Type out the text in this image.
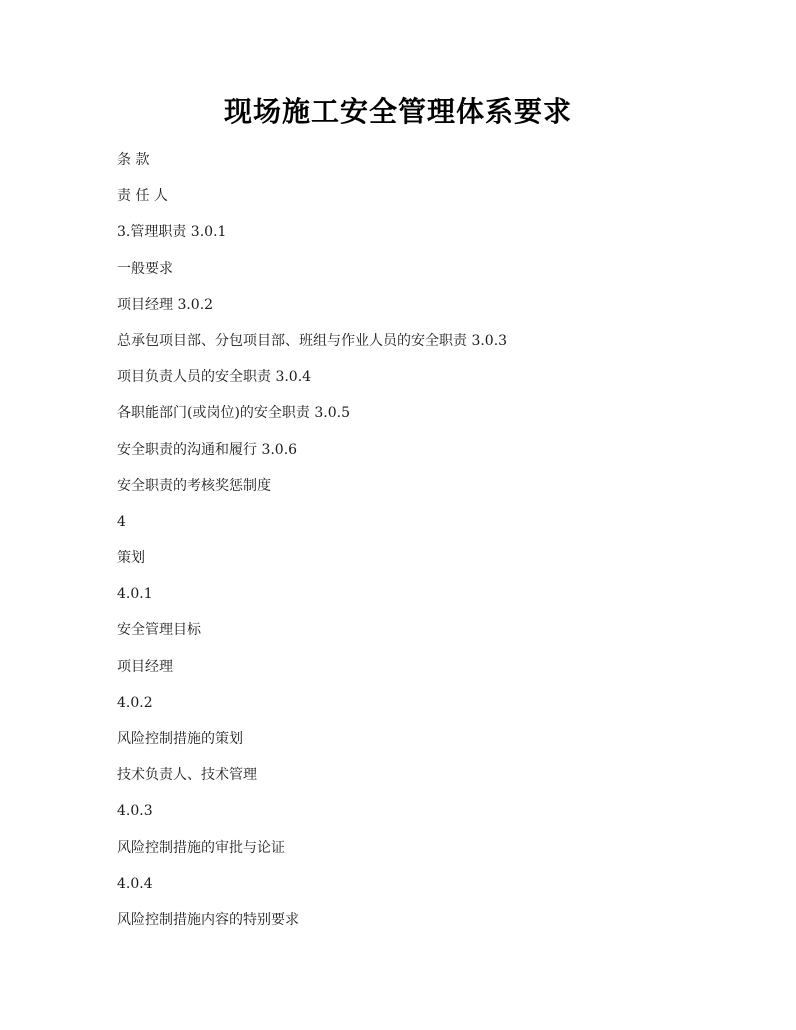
现场施工安全管理体系要求
条 款
责 任 人
3.管理职责 3.0.1
一般要求
项目经理 3.0.2
总承包项目部、分包项目部、班组与作业人员的安全职责 3.0.3
项目负责人员的安全职责 3.0.4
各职能部门(或岗位)的安全职责 3.0.5
安全职责的沟通和履行 3.0.6
安全职责的考核奖惩制度
4
策划
4.0.1
安全管理目标
项目经理
4.0.2
风险控制措施的策划
技术负责人、技术管理
4.0.3
风险控制措施的审批与论证
4.0.4
风险控制措施内容的特别要求
